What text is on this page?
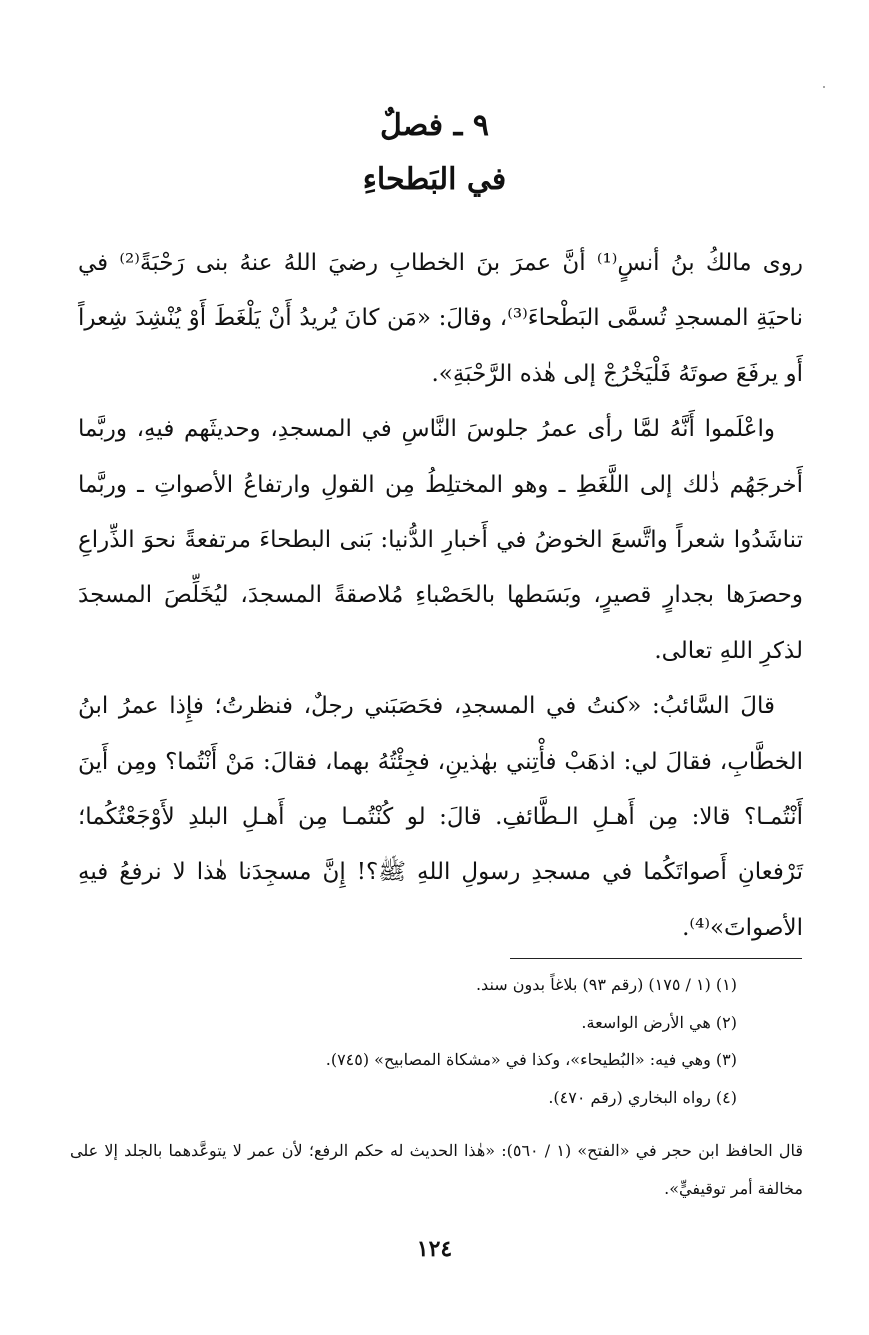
٩ ـ فصلٌ
في البَطحاءِ

روى مالكُ بنُ أنسٍ⁽¹⁾ أنَّ عمرَ بنَ الخطابِ رضيَ اللهُ عنهُ بنى رَحْبَةً⁽²⁾ في ناحيَةِ المسجدِ تُسمَّى البَطْحاءَ⁽³⁾، وقالَ: «مَن كانَ يُريدُ أَنْ يَلْغَطَ أَوْ يُنْشِدَ شِعراً أَو يرفَعَ صوتَهُ فَلْيَخْرُجْ إلى هٰذه الرَّحْبَةِ».

واعْلَموا أَنَّهُ لمَّا رأى عمرُ جلوسَ النَّاسِ في المسجدِ، وحديثَهم فيهِ، وربَّما أَخرجَهُم ذٰلك إلى اللَّغَطِ ـ وهو المختلِطُ مِن القولِ وارتفاعُ الأصواتِ ـ وربَّما تناشَدُوا شعراً واتَّسعَ الخوضُ في أَخبارِ الدُّنيا: بَنى البطحاءَ مرتفعةً نحوَ الذِّراعِ وحصرَها بجدارٍ قصيرٍ، وبَسَطها بالحَصْباءِ مُلاصقةً المسجدَ، ليُخَلِّصَ المسجدَ لذكرِ اللهِ تعالى.

قالَ السَّائبُ: «كنتُ في المسجدِ، فحَصَبَني رجلٌ، فنظرتُ؛ فإِذا عمرُ ابنُ الخطَّابِ، فقالَ لي: اذهَبْ فأْتِني بهٰذينِ، فجِئْتُهُ بهما، فقالَ: مَنْ أَنْتُما؟ ومِن أَينَ أَنْتُمـا؟ قالا: مِن أَهـلِ الـطَّائفِ. قالَ: لو كُنْتُمـا مِن أَهـلِ البلدِ لأَوْجَعْتُكُما؛ تَرْفعانِ أَصواتَكُما في مسجدِ رسولِ اللهِ ﷺ؟! إِنَّ مسجِدَنا هٰذا لا نرفعُ فيهِ الأصواتَ»⁽⁴⁾.

(١) (١ / ١٧٥) (رقم ٩٣) بلاغاً بدون سند.

(٢) هي الأرض الواسعة.

(٣) وهي فيه: «البُطيحاء»، وكذا في «مشكاة المصابيح» (٧٤٥).

(٤) رواه البخاري (رقم ٤٧٠).

قال الحافظ ابن حجر في «الفتح» (١ / ٥٦٠): «هٰذا الحديث له حكم الرفع؛ لأن عمر لا يتوعَّدهما بالجلد إلا على مخالفة أمر توقيفيٍّ».
١٢٤
